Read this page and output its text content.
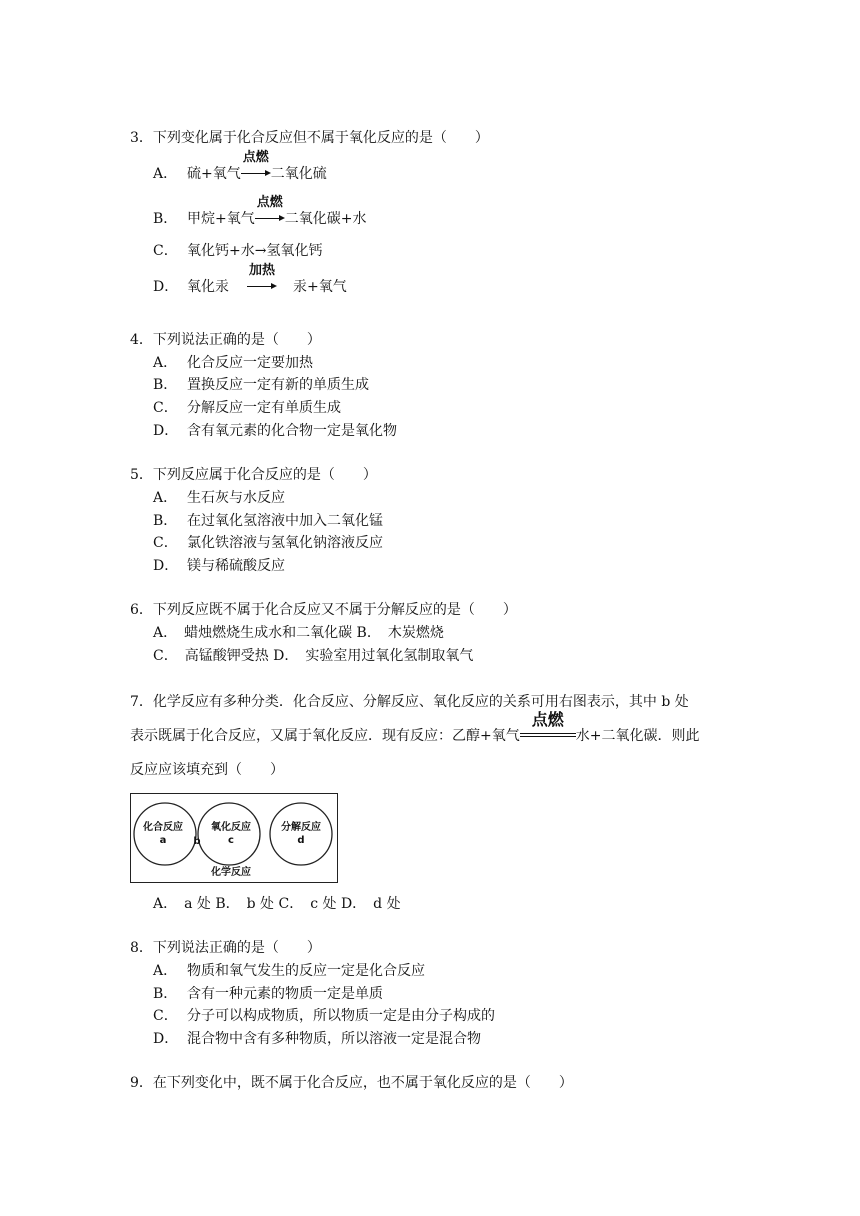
3．下列变化属于化合反应但不属于氧化反应的是（　　）
A． 硫+氧气
点燃
二氧化硫
B． 甲烷+氧气
点燃
二氧化碳+水
C． 氧化钙+水→氢氧化钙
D． 氧化汞
加热
汞+氧气
4．下列说法正确的是（　　）
A． 化合反应一定要加热
B． 置换反应一定有新的单质生成
C． 分解反应一定有单质生成
D． 含有氧元素的化合物一定是氧化物
5．下列反应属于化合反应的是（　　）
A． 生石灰与水反应
B． 在过氧化氢溶液中加入二氧化锰
C． 氯化铁溶液与氢氧化钠溶液反应
D． 镁与稀硫酸反应
6．下列反应既不属于化合反应又不属于分解反应的是（　　）
A．　蜡烛燃烧生成水和二氧化碳 B．　木炭燃烧
C．　高锰酸钾受热 D．　实验室用过氧化氢制取氧气
7．化学反应有多种分类．化合反应、分解反应、氧化反应的关系可用右图表示，其中 b 处
表示既属于化合反应，又属于氧化反应．现有反应：乙醇+氧气
点燃
水+二氧化碳．则此
反应应该填充到（　　）
化合反应
a	b
氧化反应
c
分解反应
d
化学反应
A．　a 处 B．　b 处 C．　c 处 D．　d 处
8．下列说法正确的是（　　）
A． 物质和氧气发生的反应一定是化合反应
B． 含有一种元素的物质一定是单质
C． 分子可以构成物质，所以物质一定是由分子构成的
D． 混合物中含有多种物质，所以溶液一定是混合物
9．在下列变化中，既不属于化合反应，也不属于氧化反应的是（　　）
